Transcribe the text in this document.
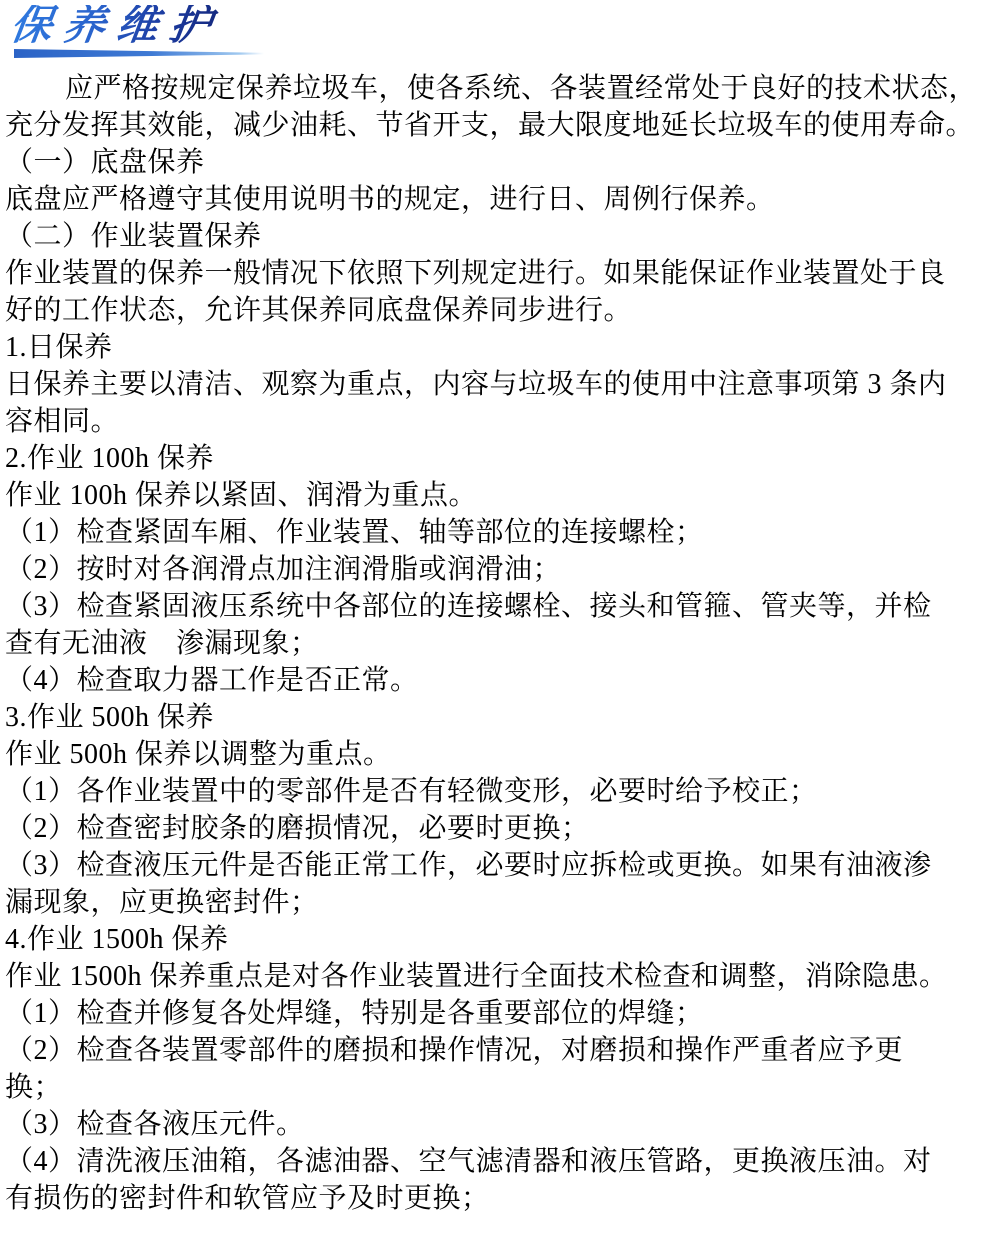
保养维护
应严格按规定保养垃圾车，使各系统、各装置经常处于良好的技术状态，
充分发挥其效能，减少油耗、节省开支，最大限度地延长垃圾车的使用寿命。
（一）底盘保养
底盘应严格遵守其使用说明书的规定，进行日、周例行保养。
（二）作业装置保养
作业装置的保养一般情况下依照下列规定进行。如果能保证作业装置处于良
好的工作状态，允许其保养同底盘保养同步进行。
1.日保养
日保养主要以清洁、观察为重点，内容与垃圾车的使用中注意事项第 3 条内
容相同。
2.作业 100h 保养
作业 100h 保养以紧固、润滑为重点。
（1）检查紧固车厢、作业装置、轴等部位的连接螺栓；
（2）按时对各润滑点加注润滑脂或润滑油；
（3）检查紧固液压系统中各部位的连接螺栓、接头和管箍、管夹等，并检
查有无油液　渗漏现象；
（4）检查取力器工作是否正常。
3.作业 500h 保养
作业 500h 保养以调整为重点。
（1）各作业装置中的零部件是否有轻微变形，必要时给予校正；
（2）检查密封胶条的磨损情况，必要时更换；
（3）检查液压元件是否能正常工作，必要时应拆检或更换。如果有油液渗
漏现象，应更换密封件；
4.作业 1500h 保养
作业 1500h 保养重点是对各作业装置进行全面技术检查和调整，消除隐患。
（1）检查并修复各处焊缝，特别是各重要部位的焊缝；
（2）检查各装置零部件的磨损和操作情况，对磨损和操作严重者应予更
换；
（3）检查各液压元件。
（4）清洗液压油箱，各滤油器、空气滤清器和液压管路，更换液压油。对
有损伤的密封件和软管应予及时更换；
